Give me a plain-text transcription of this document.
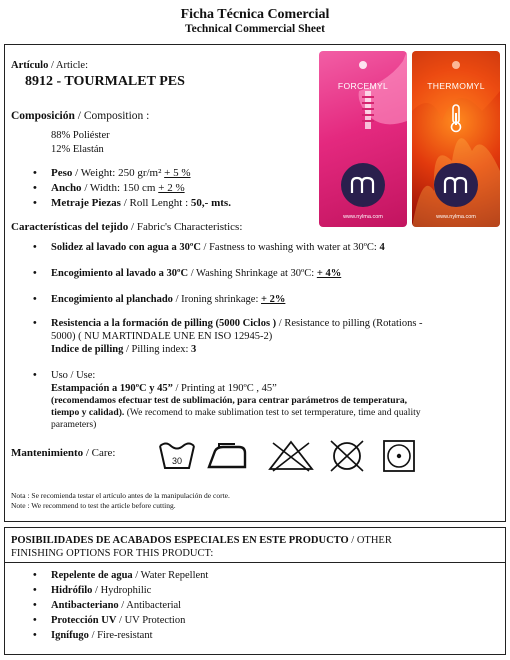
Ficha Técnica Comercial
Technical Commercial Sheet
Artículo / Article:
8912 - TOURMALET PES
Composición / Composition :
88% Poliéster
12% Elastán
• Peso / Weight: 250 gr/m² + 5 %
• Ancho / Width: 150 cm + 2 %
• Metraje Piezas / Roll Lenght : 50,- mts.
Características del tejido / Fabric's Characteristics:
• Solidez al lavado con agua a 30ºC / Fastness to washing with water at 30ºC: 4
• Encogimiento al lavado a 30ºC / Washing Shrinkage at 30ºC: + 4%
• Encogimiento al planchado / Ironing shrinkage: + 2%
• Resistencia a la formación de pilling (5000 Ciclos ) / Resistance to pilling (Rotations -
5000) ( NU MARTINDALE UNE EN ISO 12945-2)
Indice de pilling / Pilling index: 3
• Uso / Use:
Estampación a 190ºC y 45” / Printing at 190ºC , 45”
(recomendamos efectuar test de sublimación, para centrar parámetros de temperatura,
tiempo y calidad). (We recomend to make sublimation test to set termperature, time and quality
parameters)
Mantenimiento / Care:
30
Nota : Se recomienda testar el artículo antes de la manipulación de corte.
Note : We recommend to test the article before cutting.
FORCEМYL
www.nylma.com
THERMOМYL
www.nylma.com
POSIBILIDADES DE ACABADOS ESPECIALES EN ESTE PRODUCTO / OTHER
FINISHING OPTIONS FOR THIS PRODUCT:
• Repelente de agua / Water Repellent
• Hidrófilo / Hydrophilic
• Antibacteriano / Antibacterial
• Protección UV / UV Protection
• Ignífugo / Fire-resistant
